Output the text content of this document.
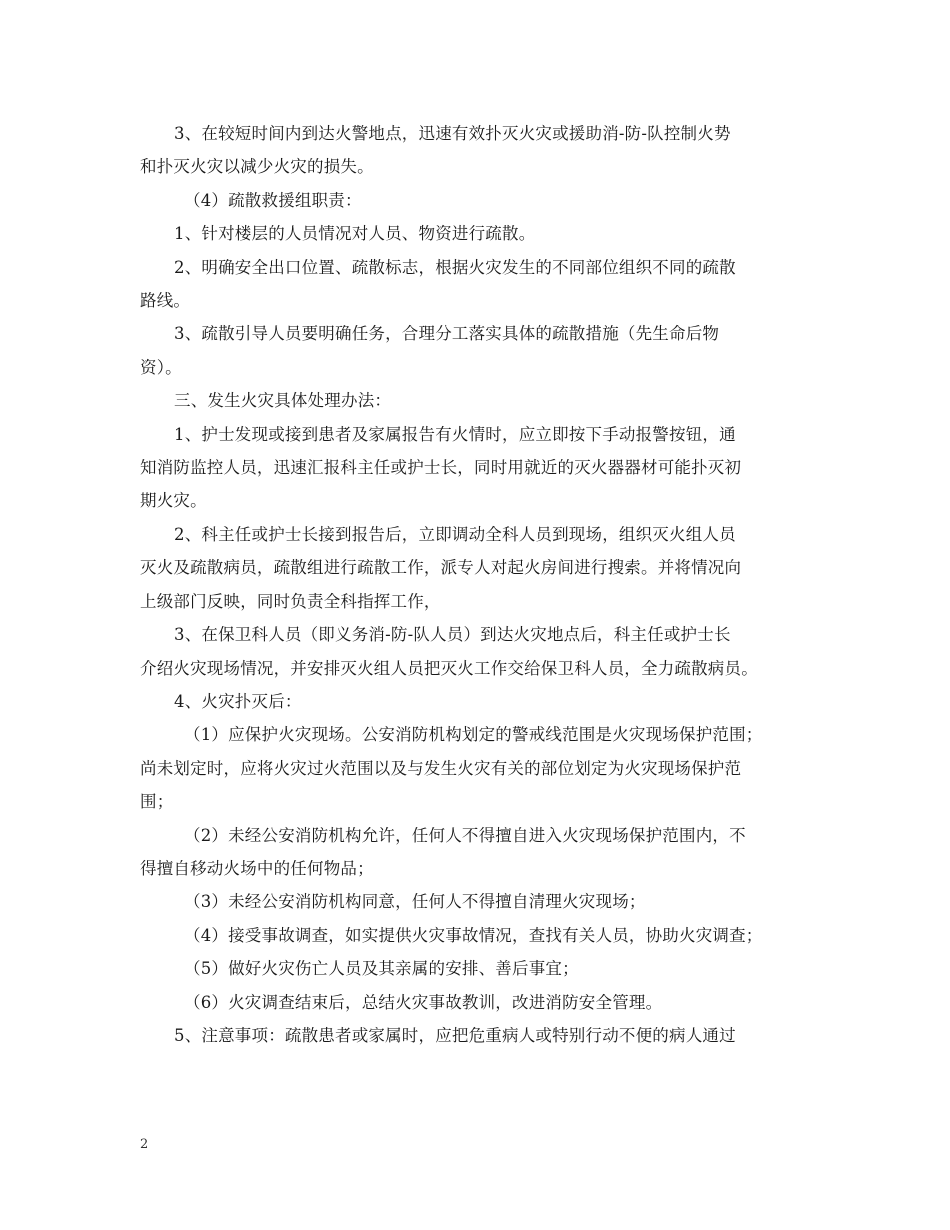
3、在较短时间内到达火警地点，迅速有效扑灭火灾或援助消-防-队控制火势
和扑灭火灾以减少火灾的损失。

（4）疏散救援组职责：

1、针对楼层的人员情况对人员、物资进行疏散。

2、明确安全出口位置、疏散标志，根据火灾发生的不同部位组织不同的疏散
路线。

3、疏散引导人员要明确任务，合理分工落实具体的疏散措施（先生命后物
资）。

三、发生火灾具体处理办法：

1、护士发现或接到患者及家属报告有火情时，应立即按下手动报警按钮，通
知消防监控人员，迅速汇报科主任或护士长，同时用就近的灭火器器材可能扑灭初
期火灾。

2、科主任或护士长接到报告后，立即调动全科人员到现场，组织灭火组人员
灭火及疏散病员，疏散组进行疏散工作，派专人对起火房间进行搜索。并将情况向
上级部门反映，同时负责全科指挥工作，

3、在保卫科人员（即义务消-防-队人员）到达火灾地点后，科主任或护士长
介绍火灾现场情况，并安排灭火组人员把灭火工作交给保卫科人员，全力疏散病员。

4、火灾扑灭后：

（1）应保护火灾现场。公安消防机构划定的警戒线范围是火灾现场保护范围；
尚未划定时，应将火灾过火范围以及与发生火灾有关的部位划定为火灾现场保护范
围；

（2）未经公安消防机构允许，任何人不得擅自进入火灾现场保护范围内，不
得擅自移动火场中的任何物品；

（3）未经公安消防机构同意，任何人不得擅自清理火灾现场；

（4）接受事故调查，如实提供火灾事故情况，查找有关人员，协助火灾调查；

（5）做好火灾伤亡人员及其亲属的安排、善后事宜；

（6）火灾调查结束后，总结火灾事故教训，改进消防安全管理。

5、注意事项：疏散患者或家属时，应把危重病人或特别行动不便的病人通过

2
